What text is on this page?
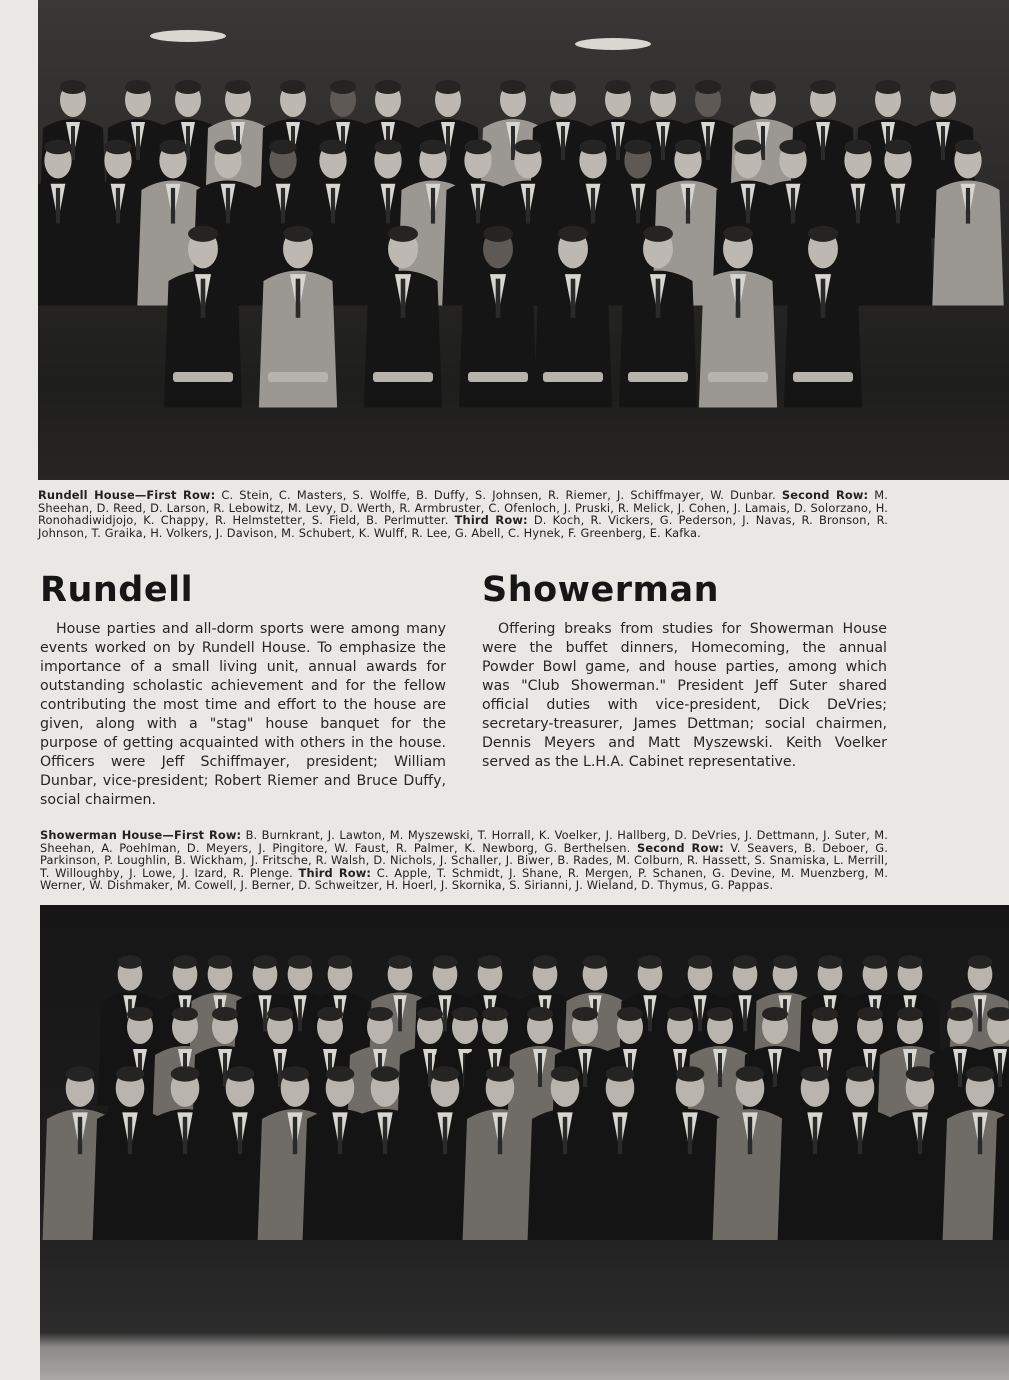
Rundell House—First Row: C. Stein, C. Masters, S. Wolffe, B. Duffy, S. Johnsen, R. Riemer, J. Schiffmayer, W. Dunbar. Second Row: M. Sheehan, D. Reed, D. Larson, R. Lebowitz, M. Levy, D. Werth, R. Armbruster, C. Ofenloch, J. Pruski, R. Melick, J. Cohen, J. Lamais, D. Solorzano, H. Ronohadiwidjojo, K. Chappy, R. Helmstetter, S. Field, B. Perlmutter. Third Row: D. Koch, R. Vickers, G. Pederson, J. Navas, R. Bronson, R. Johnson, T. Graika, H. Volkers, J. Davison, M. Schubert, K. Wulff, R. Lee, G. Abell, C. Hynek, F. Greenberg, E. Kafka.
Rundell

House parties and all-dorm sports were among many events worked on by Rundell House. To emphasize the importance of a small living unit, annual awards for outstanding scholastic achievement and for the fellow contributing the most time and effort to the house are given, along with a "stag" house banquet for the purpose of getting acquainted with others in the house. Officers were Jeff Schiffmayer, president; William Dunbar, vice-president; Robert Riemer and Bruce Duffy, social chairmen.

Showerman

Offering breaks from studies for Showerman House were the buffet dinners, Homecoming, the annual Powder Bowl game, and house parties, among which was "Club Showerman." President Jeff Suter shared official duties with vice-president, Dick DeVries; secretary-treasurer, James Dettman; social chairmen, Dennis Meyers and Matt Myszewski. Keith Voelker served as the L.H.A. Cabinet representative.

Showerman House—First Row: B. Burnkrant, J. Lawton, M. Myszewski, T. Horrall, K. Voelker, J. Hallberg, D. DeVries, J. Dettmann, J. Suter, M. Sheehan, A. Poehlman, D. Meyers, J. Pingitore, W. Faust, R. Palmer, K. Newborg, G. Berthelsen. Second Row: V. Seavers, B. Deboer, G. Parkinson, P. Loughlin, B. Wickham, J. Fritsche, R. Walsh, D. Nichols, J. Schaller, J. Biwer, B. Rades, M. Colburn, R. Hassett, S. Snamiska, L. Merrill, T. Willoughby, J. Lowe, J. Izard, R. Plenge. Third Row: C. Apple, T. Schmidt, J. Shane, R. Mergen, P. Schanen, G. Devine, M. Muenzberg, M. Werner, W. Dishmaker, M. Cowell, J. Berner, D. Schweitzer, H. Hoerl, J. Skornika, S. Sirianni, J. Wieland, D. Thymus, G. Pappas.
